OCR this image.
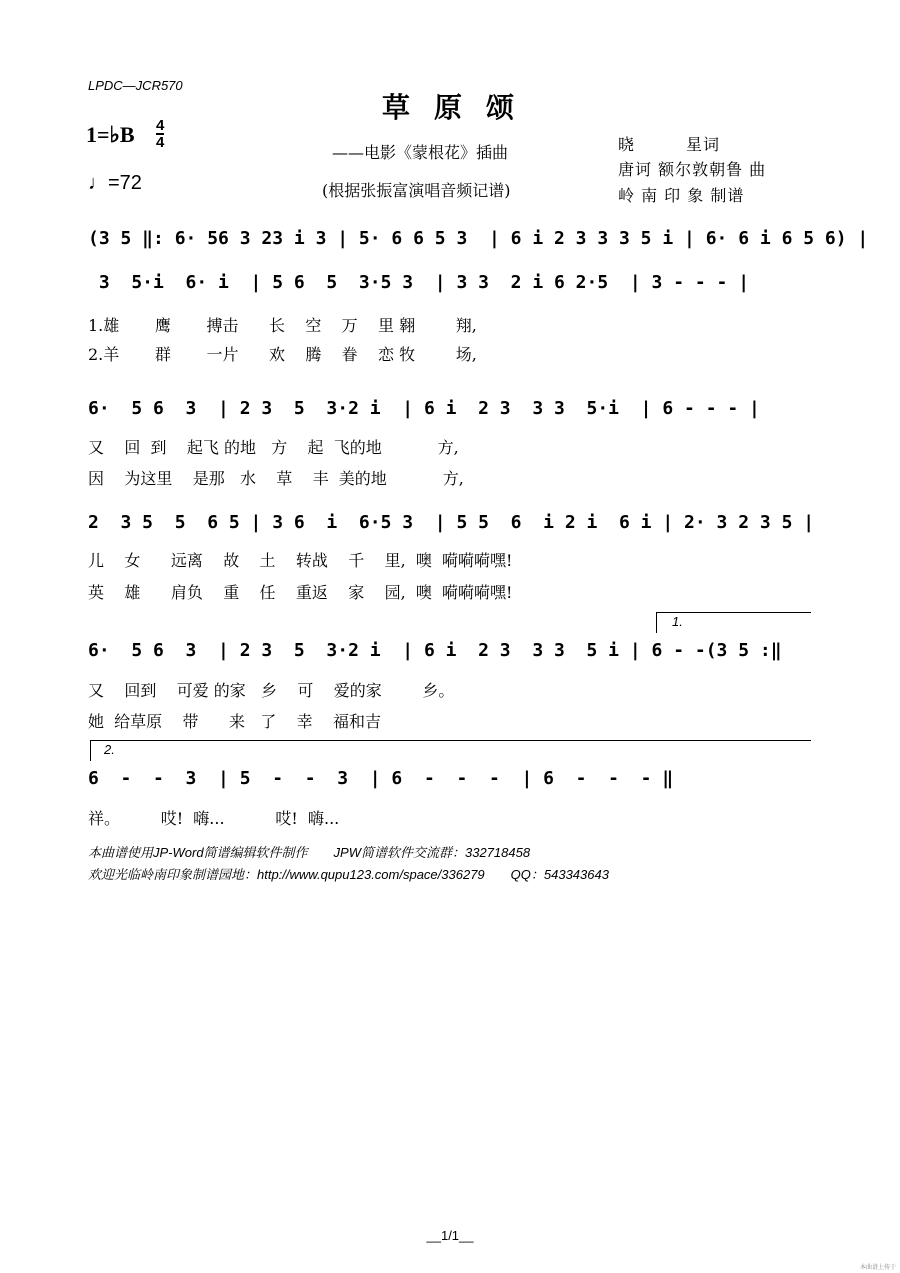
LPDC—JCR570
草原颂
1=♭B 4
4
♩=72
——电影《蒙根花》插曲
(根据张振富演唱音频记谱)
晓　　　星词
唐诃 额尔敦朝鲁 曲
岭 南 印 象 制谱
(3 5 ‖: 6· 56 3 23 i 3 | 5· 6 6 5 3  | 6 i 2 3 3 3 5 i | 6· 6 i 6 5 6) |
3  5·i  6· i  | 5 6  5  3·5 3  | 3 3  2 i 6 2·5  | 3 - - - |
1.雄       鹰       搏击      长    空    万    里 翱        翔,
2.羊       群       一片      欢    腾    眷    恋 牧        场,
6·  5 6  3  | 2 3  5  3·2 i  | 6 i  2 3  3 3  5·i  | 6 - - - |
又    回  到    起飞 的地   方    起  飞的地           方,
因    为这里    是那   水    草    丰  美的地           方,
2  3 5  5  6 5 | 3 6  i  6·5 3  | 5 5  6  i 2 i  6 i | 2· 3 2 3 5 |
儿    女      远离    故    土    转战    千    里,  噢  嗬嗬嗬嘿!
英    雄      肩负    重    任    重返    家    园,  噢  嗬嗬嗬嘿!
1.
6·  5 6  3  | 2 3  5  3·2 i  | 6 i  2 3  3 3  5 i | 6 - -(3 5 :‖
又    回到    可爱 的家   乡    可    爱的家        乡。
她  给草原    带      来   了    幸    福和吉
2.
6  -  -  3  | 5  -  -  3  | 6  -  -  -  | 6  -  -  - ‖
祥。        哎!  嗨...          哎!  嗨...
本曲谱使用JP-Word简谱编辑软件制作　　JPW简谱软件交流群：332718458
欢迎光临岭南印象制谱园地：http://www.qupu123.com/space/336279　　QQ：543343643
__1/1__
本曲谱上传于
